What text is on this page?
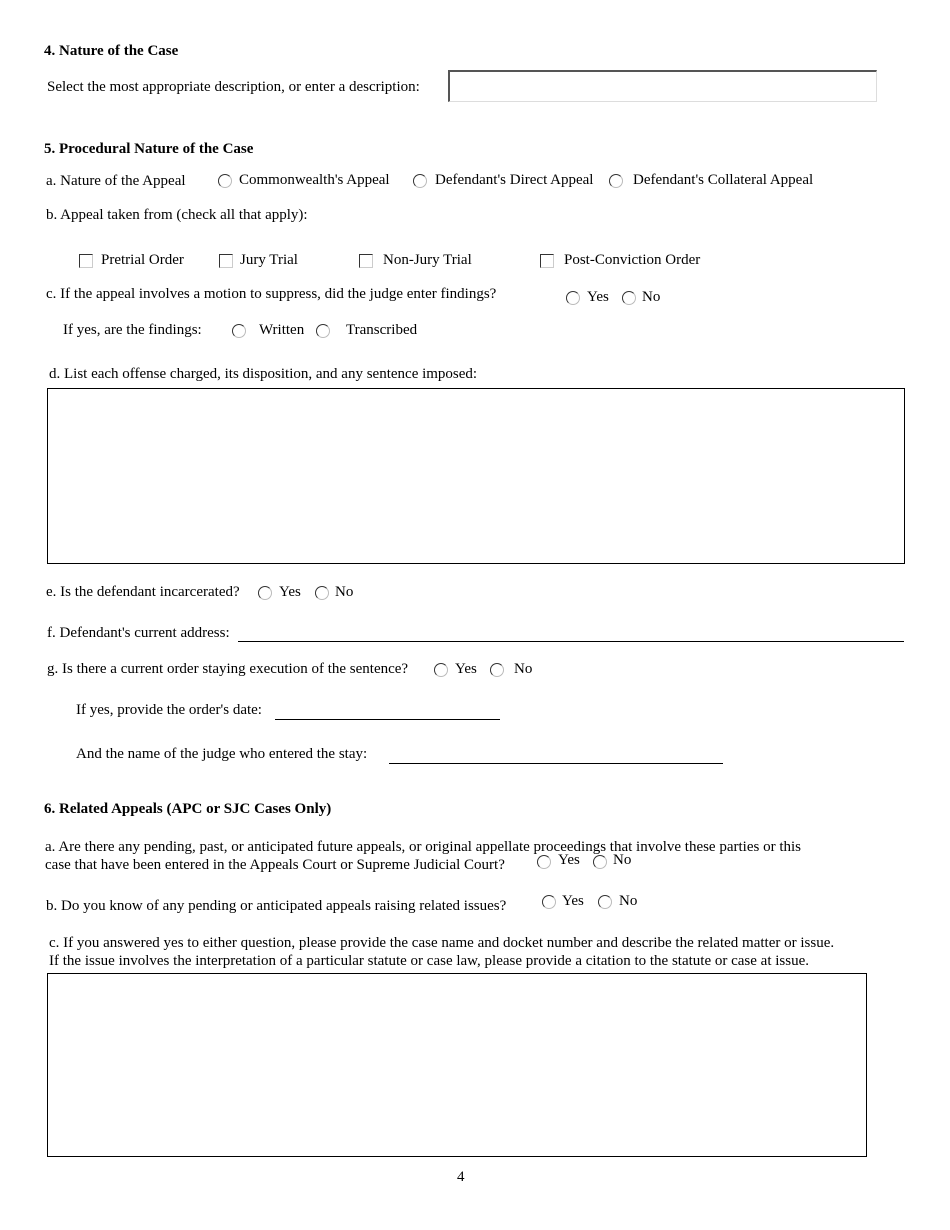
4. Nature of the Case
Select the most appropriate description, or enter a description:
5. Procedural Nature of the Case
a. Nature of the Appeal	Commonwealth's Appeal	Defendant's Direct Appeal	Defendant's Collateral Appeal
b. Appeal taken from (check all that apply):
Pretrial Order	Jury Trial	Non-Jury Trial	Post-Conviction Order
c. If the appeal involves a motion to suppress, did the judge enter findings?	Yes No
If yes, are the findings:	Written	Transcribed
d. List each offense charged, its disposition, and any sentence imposed:
e. Is the defendant incarcerated?	Yes No
f. Defendant's current address:
g. Is there a current order staying execution of the sentence?	Yes No
If yes, provide the order's date:
And the name of the judge who entered the stay:
6. Related Appeals (APC or SJC Cases Only)
a. Are there any pending, past, or anticipated future appeals, or original appellate proceedings that involve these parties or this
case that have been entered in the Appeals Court or Supreme Judicial Court?	Yes No
b. Do you know of any pending or anticipated appeals raising related issues?	Yes No
c. If you answered yes to either question, please provide the case name and docket number and describe the related matter or issue.
If the issue involves the interpretation of a particular statute or case law, please provide a citation to the statute or case at issue.
4
